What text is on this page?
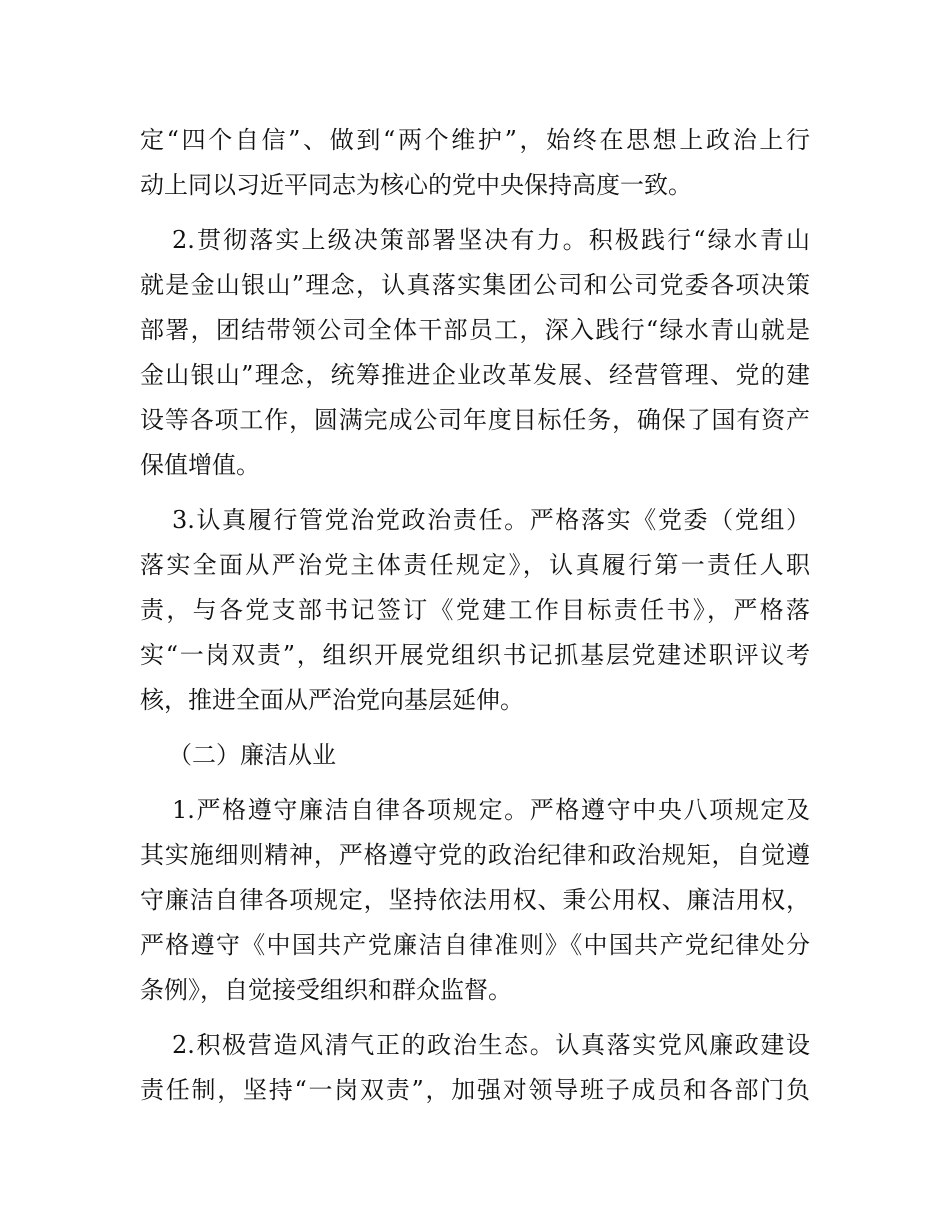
定“四个自信”、做到“两个维护”，始终在思想上政治上行
动上同以习近平同志为核心的党中央保持高度一致。
2.贯彻落实上级决策部署坚决有力。积极践行“绿水青山
就是金山银山”理念，认真落实集团公司和公司党委各项决策
部署，团结带领公司全体干部员工，深入践行“绿水青山就是
金山银山”理念，统筹推进企业改革发展、经营管理、党的建
设等各项工作，圆满完成公司年度目标任务，确保了国有资产
保值增值。
3.认真履行管党治党政治责任。严格落实《党委（党组）
落实全面从严治党主体责任规定》，认真履行第一责任人职
责，与各党支部书记签订《党建工作目标责任书》，严格落
实“一岗双责”，组织开展党组织书记抓基层党建述职评议考
核，推进全面从严治党向基层延伸。
（二）廉洁从业
1.严格遵守廉洁自律各项规定。严格遵守中央八项规定及
其实施细则精神，严格遵守党的政治纪律和政治规矩，自觉遵
守廉洁自律各项规定，坚持依法用权、秉公用权、廉洁用权，
严格遵守《中国共产党廉洁自律准则》《中国共产党纪律处分
条例》，自觉接受组织和群众监督。
2.积极营造风清气正的政治生态。认真落实党风廉政建设
责任制，坚持“一岗双责”，加强对领导班子成员和各部门负
